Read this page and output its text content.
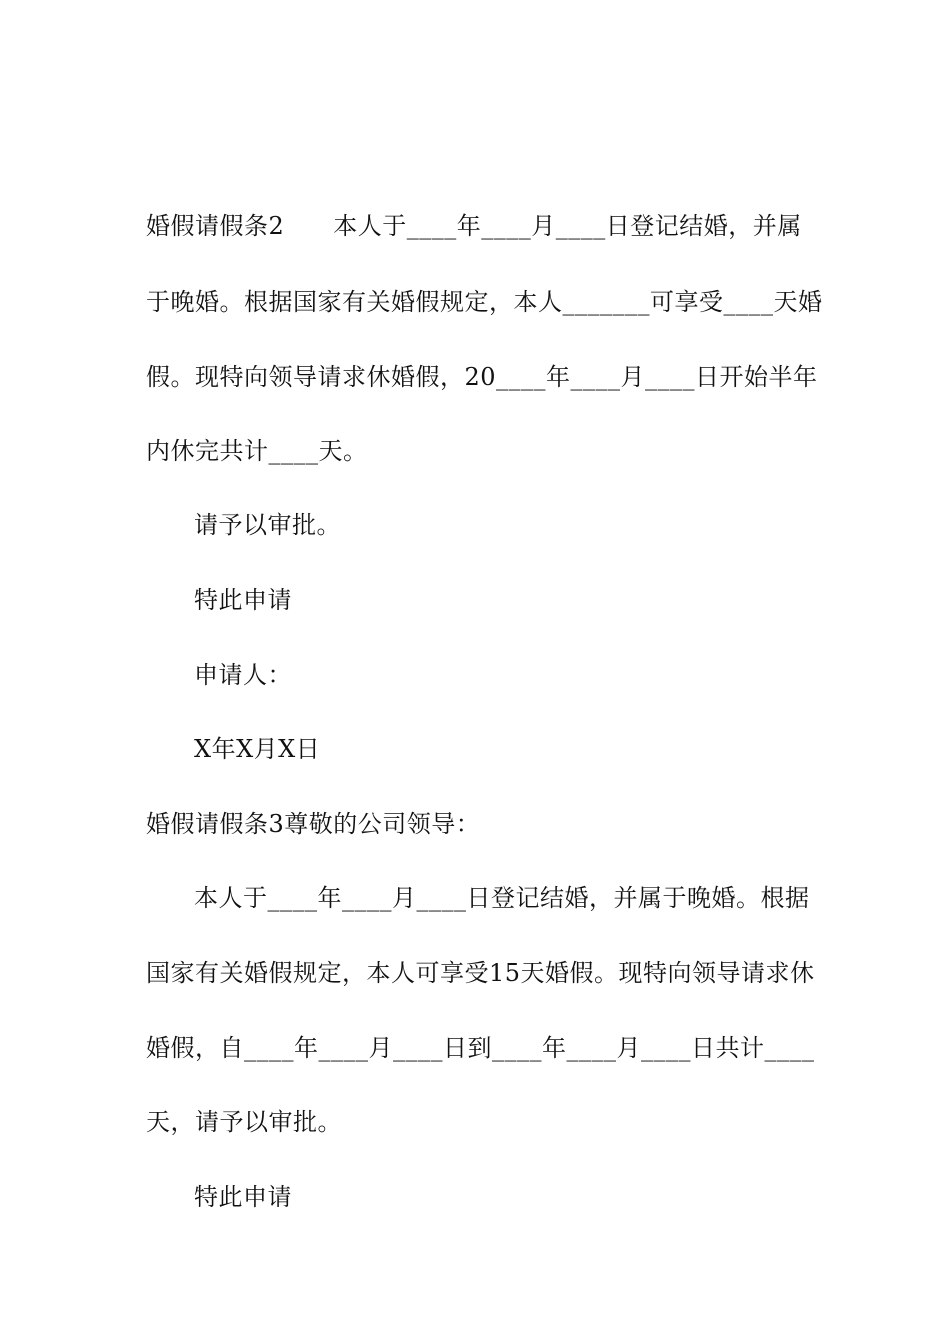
婚假请假条2　　本人于____年____月____日登记结婚，并属
于晚婚。根据国家有关婚假规定，本人_______可享受____天婚
假。现特向领导请求休婚假，20____年____月____日开始半年
内休完共计____天。
请予以审批。
特此申请
申请人：
X年X月X日
婚假请假条3尊敬的公司领导：
本人于____年____月____日登记结婚，并属于晚婚。根据
国家有关婚假规定，本人可享受15天婚假。现特向领导请求休
婚假，自____年____月____日到____年____月____日共计____
天，请予以审批。
特此申请
